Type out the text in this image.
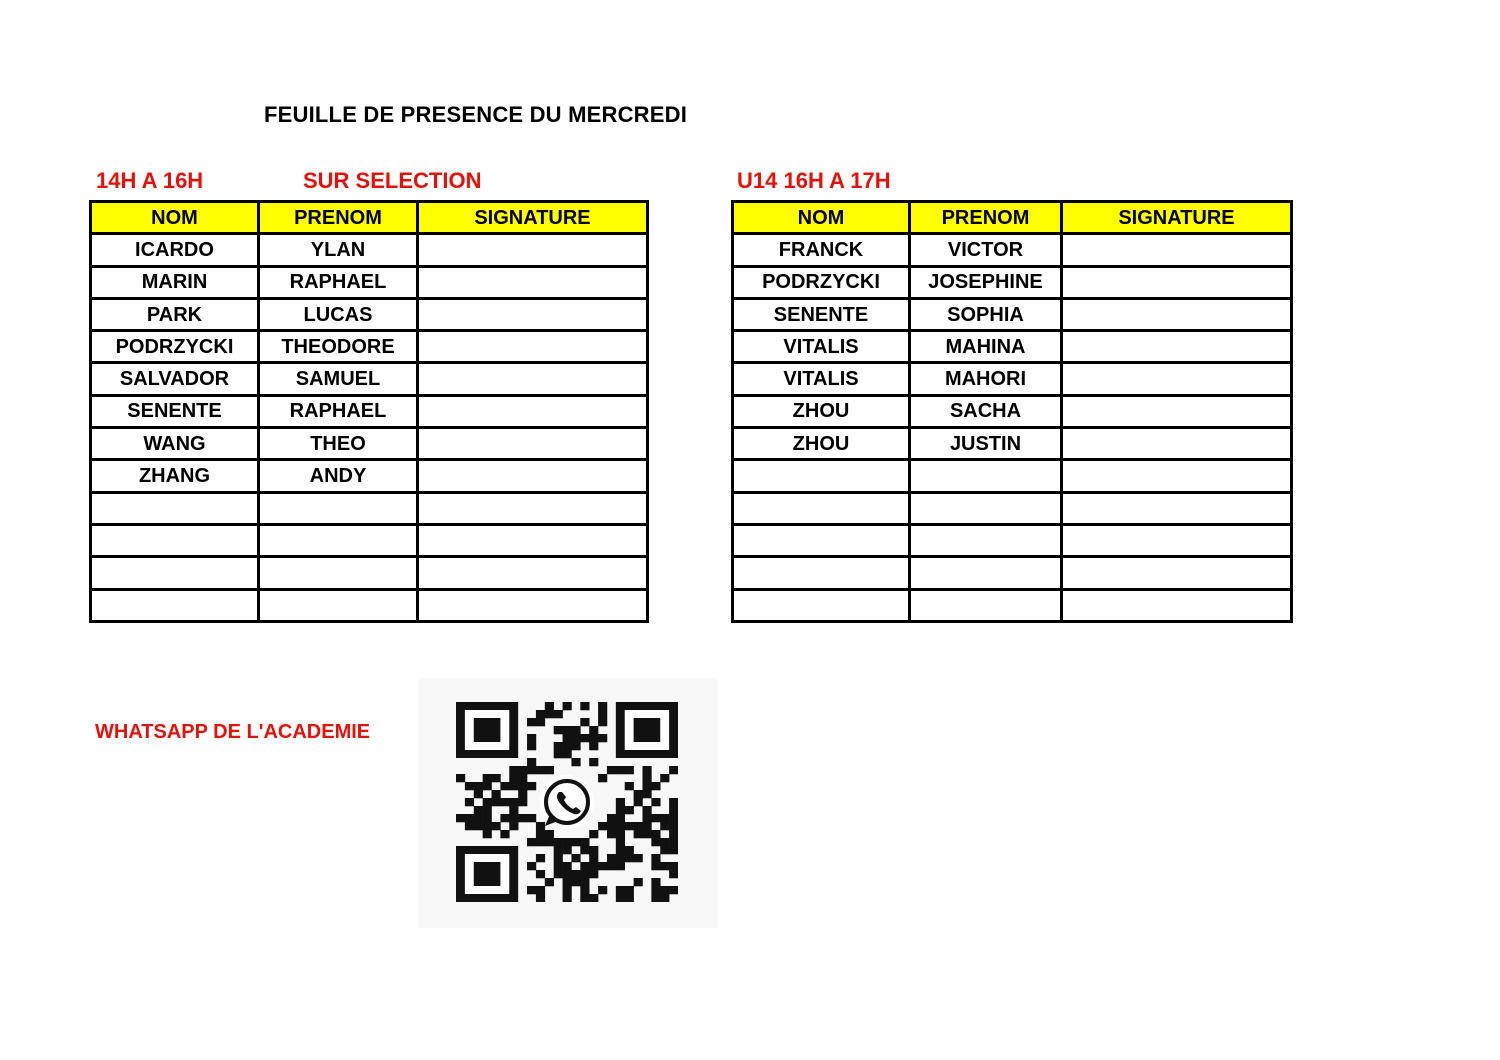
FEUILLE DE PRESENCE DU MERCREDI
14H A 16H	SUR SELECTION	U14 16H A 17H
NOM	PRENOM	SIGNATURE
ICARDO	YLAN	
MARIN	RAPHAEL	
PARK	LUCAS	
PODRZYCKI	THEODORE	
SALVADOR	SAMUEL	
SENENTE	RAPHAEL	
WANG	THEO	
ZHANG	ANDY	

NOM	PRENOM	SIGNATURE
FRANCK	VICTOR	
PODRZYCKI	JOSEPHINE	
SENENTE	SOPHIA	
VITALIS	MAHINA	
VITALIS	MAHORI	
ZHOU	SACHA	
ZHOU	JUSTIN	

WHATSAPP DE L'ACADEMIE
